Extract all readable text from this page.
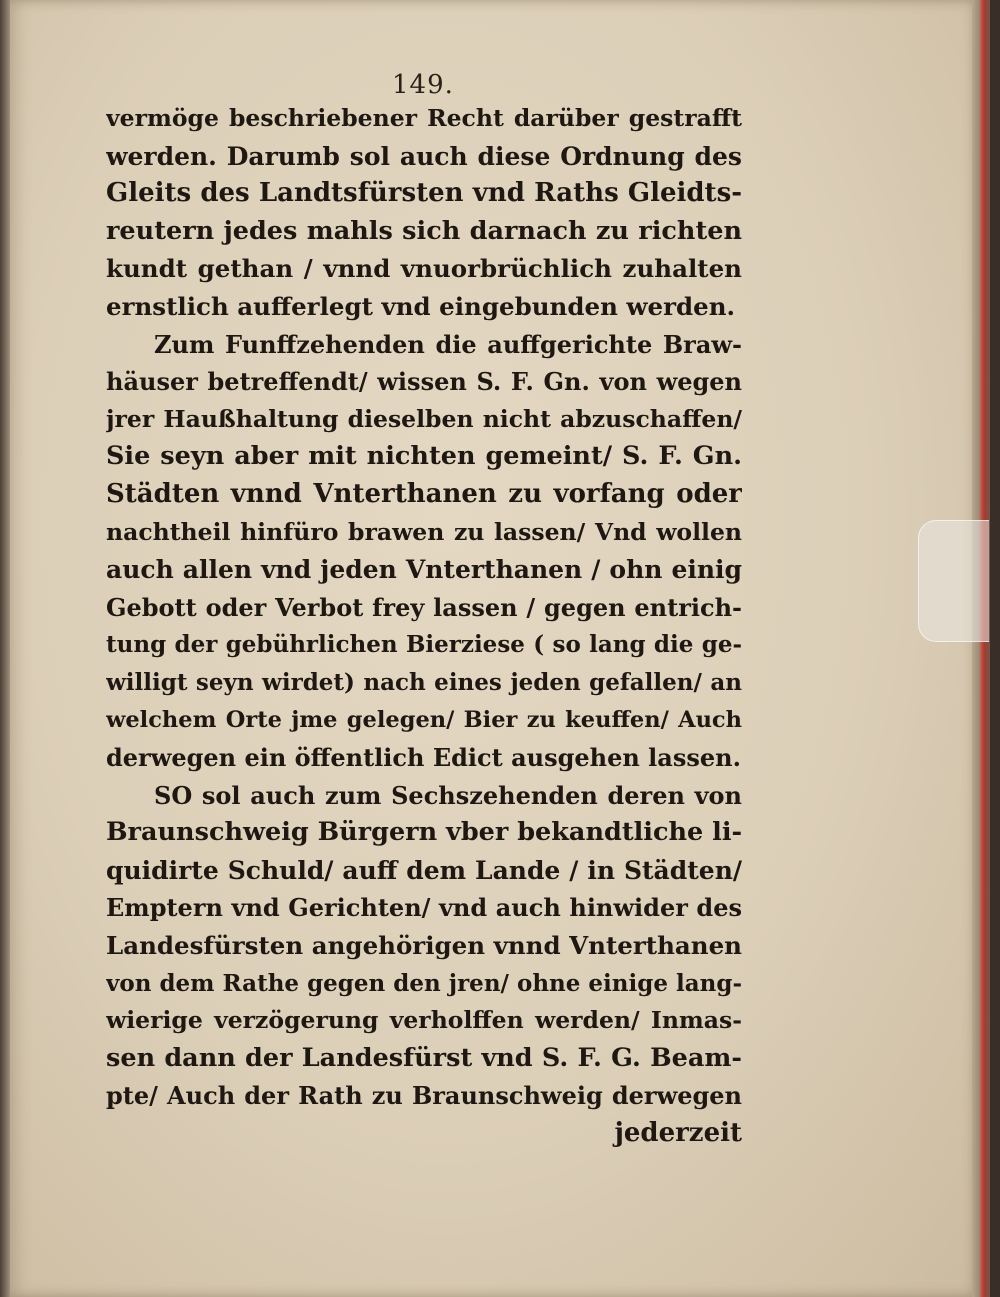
149.
vermöge beschriebener Recht darüber gestrafft
werden. Darumb sol auch diese Ordnung des
Gleits des Landtsfürsten vnd Raths Gleidts-
reutern jedes mahls sich darnach zu richten
kundt gethan / vnnd vnuorbrüchlich zuhalten
ernstlich aufferlegt vnd eingebunden werden.
Zum Funffzehenden die auffgerichte Braw-
häuser betreffendt/ wissen S. F. Gn. von wegen
jrer Haußhaltung dieselben nicht abzuschaffen/
Sie seyn aber mit nichten gemeint/ S. F. Gn.
Städten vnnd Vnterthanen zu vorfang oder
nachtheil hinfüro brawen zu lassen/ Vnd wollen
auch allen vnd jeden Vnterthanen / ohn einig
Gebott oder Verbot frey lassen / gegen entrich-
tung der gebührlichen Bierziese ( so lang die ge-
willigt seyn wirdet) nach eines jeden gefallen/ an
welchem Orte jme gelegen/ Bier zu keuffen/ Auch
derwegen ein öffentlich Edict ausgehen lassen.
SO sol auch zum Sechszehenden deren von
Braunschweig Bürgern vber bekandtliche li-
quidirte Schuld/ auff dem Lande / in Städten/
Emptern vnd Gerichten/ vnd auch hinwider des
Landesfürsten angehörigen vnnd Vnterthanen
von dem Rathe gegen den jren/ ohne einige lang-
wierige verzögerung verholffen werden/ Inmas-
sen dann der Landesfürst vnd S. F. G. Beam-
pte/ Auch der Rath zu Braunschweig derwegen
jederzeit
